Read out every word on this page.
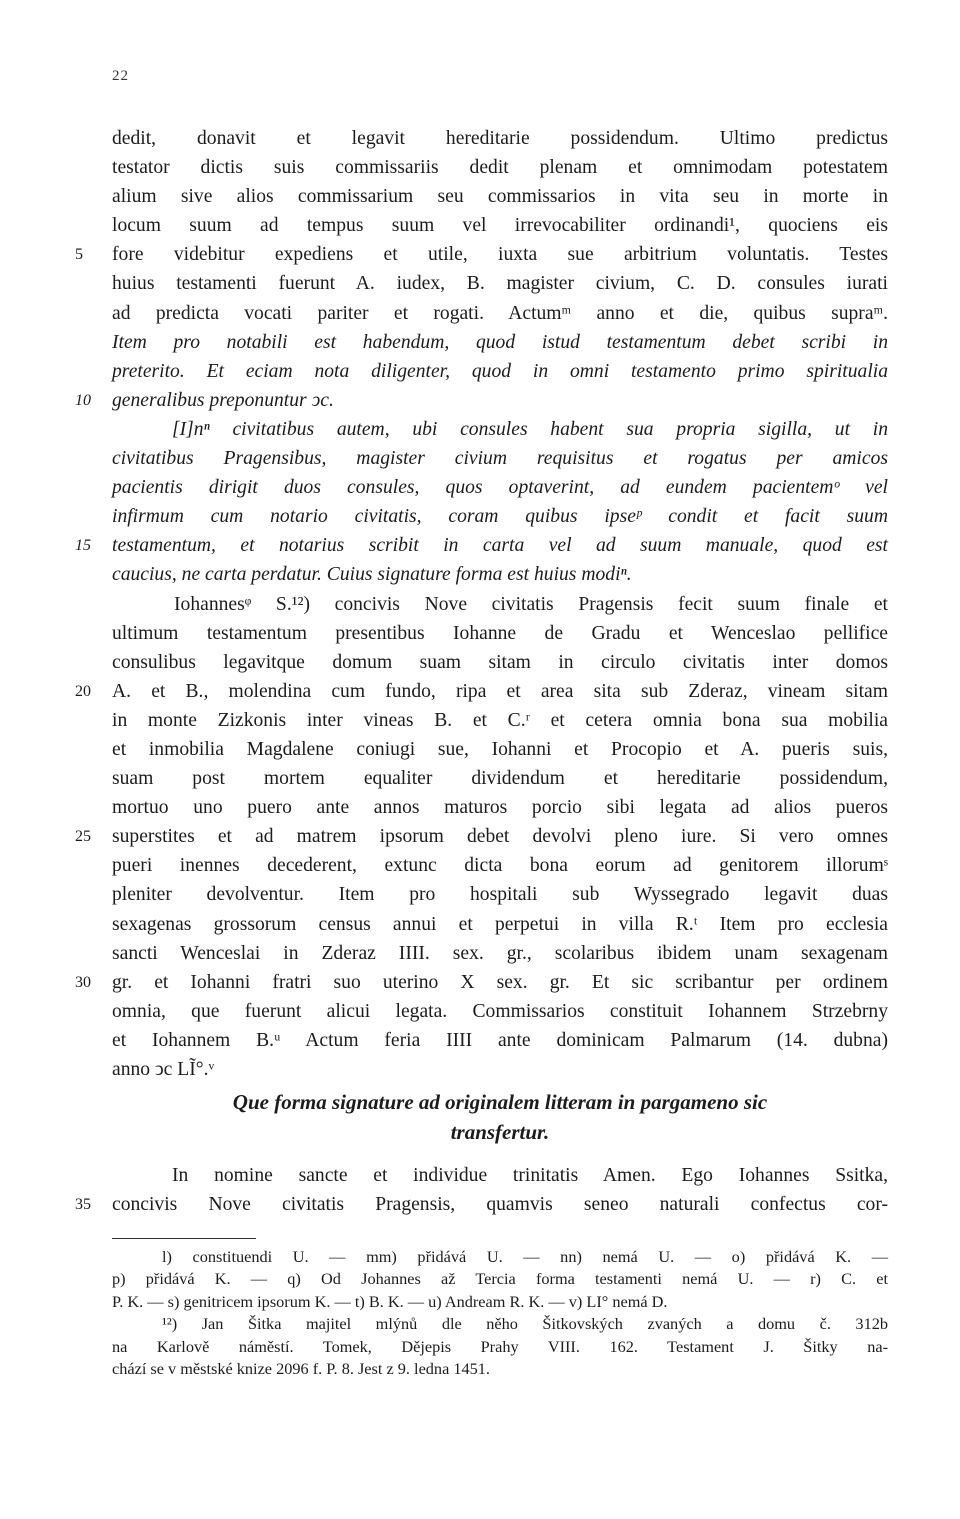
22
dedit, donavit et legavit hereditarie possidendum. Ultimo predictus
testator dictis suis commissariis dedit plenam et omnimodam potestatem
alium sive alios commissarium seu commissarios in vita seu in morte in
locum suum ad tempus suum vel irrevocabiliter ordinandi¹, quociens eis
5	fore videbitur expediens et utile, iuxta sue arbitrium voluntatis. Testes
huius testamenti fuerunt A. iudex, B. magister civium, C. D. consules iurati
ad predicta vocati pariter et rogati. Actumᵐ anno et die, quibus supraᵐ.
Item pro notabili est habendum, quod istud testamentum debet scribi in
preterito. Et eciam nota diligenter, quod in omni testamento primo spiritualia
10	generalibus preponuntur ↄc.
[I]nⁿ civitatibus autem, ubi consules habent sua propria sigilla, ut in
civitatibus Pragensibus, magister civium requisitus et rogatus per amicos
pacientis dirigit duos consules, quos optaverint, ad eundem pacientemᵒ vel
infirmum cum notario civitatis, coram quibus ipseᵖ condit et facit suum
15	testamentum, et notarius scribit in carta vel ad suum manuale, quod est
caucius, ne carta perdatur. Cuius signature forma est huius modiⁿ.
Iohannesᵠ S.¹²) concivis Nove civitatis Pragensis fecit suum finale et
ultimum testamentum presentibus Iohanne de Gradu et Wenceslao pellifice
consulibus legavitque domum suam sitam in circulo civitatis inter domos
20	A. et B., molendina cum fundo, ripa et area sita sub Zderaz, vineam sitam
in monte Zizkonis inter vineas B. et C.ʳ et cetera omnia bona sua mobilia
et inmobilia Magdalene coniugi sue, Iohanni et Procopio et A. pueris suis,
suam post mortem equaliter dividendum et hereditarie possidendum,
mortuo uno puero ante annos maturos porcio sibi legata ad alios pueros
25	superstites et ad matrem ipsorum debet devolvi pleno iure. Si vero omnes
pueri inennes decederent, extunc dicta bona eorum ad genitorem illorumˢ
pleniter devolventur. Item pro hospitali sub Wyssegrado legavit duas
sexagenas grossorum census annui et perpetui in villa R.ᵗ Item pro ecclesia
sancti Wenceslai in Zderaz IIII. sex. gr., scolaribus ibidem unam sexagenam
30	gr. et Iohanni fratri suo uterino X sex. gr. Et sic scribantur per ordinem
omnia, que fuerunt alicui legata. Commissarios constituit Iohannem Strzebrny
et Iohannem B.ᵘ Actum feria IIII ante dominicam Palmarum (14. dubna)
anno ↄc LĨ°.ᵛ
Que forma signature ad originalem litteram in pargameno sic
transfertur.
In nomine sancte et individue trinitatis Amen. Ego Iohannes Ssitka,
35	concivis Nove civitatis Pragensis, quamvis seneo naturali confectus cor-
l) constituendi U. — mm) přidává U. — nn) nemá U. — o) přidává K. —
p) přidává K. — q) Od Johannes až Tercia forma testamenti nemá U. — r) C. et
P. K. — s) genitricem ipsorum K. — t) B. K. — u) Andream R. K. — v) LI° nemá D.
¹²) Jan Šitka majitel mlýnů dle něho Šitkovských zvaných a domu č. 312b
na Karlově náměstí. Tomek, Dějepis Prahy VIII. 162. Testament J. Šitky na-
chází se v městské knize 2096 f. P. 8. Jest z 9. ledna 1451.
